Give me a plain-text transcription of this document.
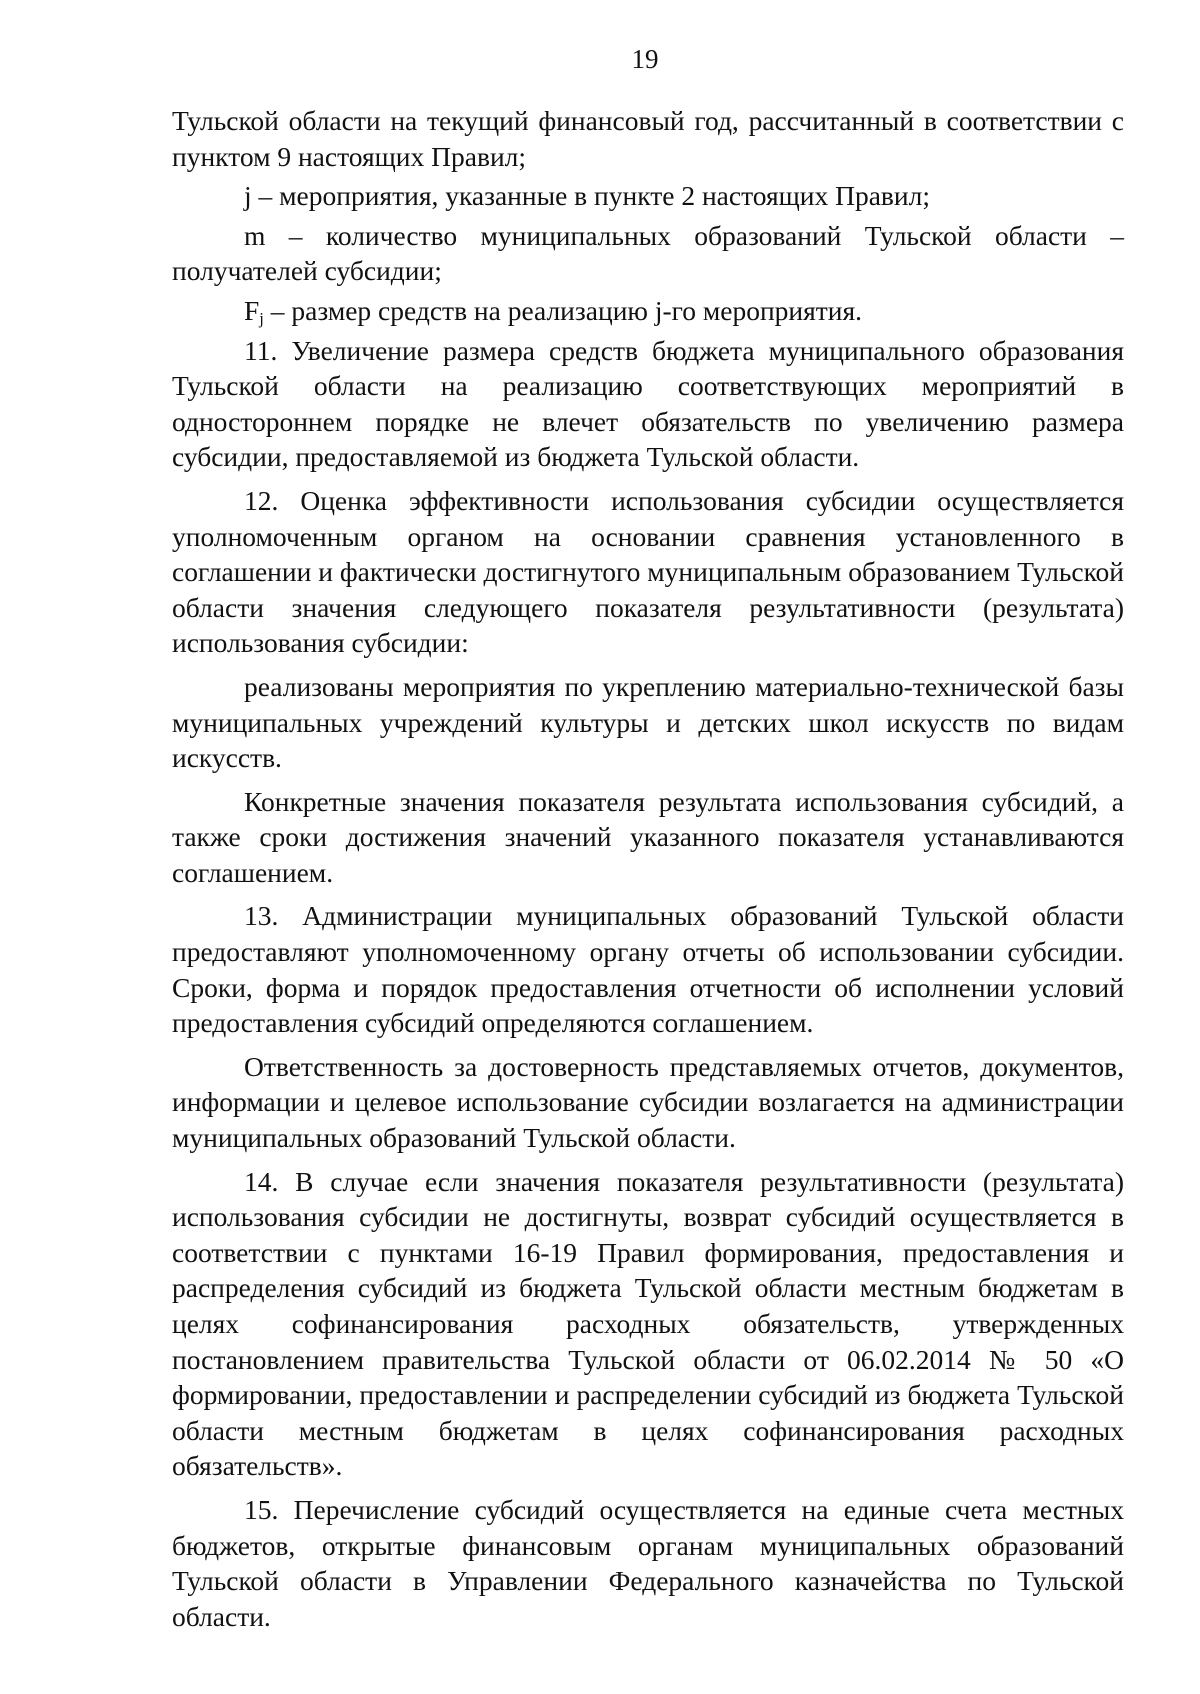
19

Тульской области на текущий финансовый год, рассчитанный в соответствии с пунктом 9 настоящих Правил;

j – мероприятия, указанные в пункте 2 настоящих Правил;

m – количество муниципальных образований Тульской области – получателей субсидии;

$F_j$ – размер средств на реализацию j-го мероприятия.

11. Увеличение размера средств бюджета муниципального образования Тульской области на реализацию соответствующих мероприятий в одностороннем порядке не влечет обязательств по увеличению размера субсидии, предоставляемой из бюджета Тульской области.

12. Оценка эффективности использования субсидии осуществляется уполномоченным органом на основании сравнения установленного в соглашении и фактически достигнутого муниципальным образованием Тульской области значения следующего показателя результативности (результата) использования субсидии:

реализованы мероприятия по укреплению материально-технической базы муниципальных учреждений культуры и детских школ искусств по видам искусств.

Конкретные значения показателя результата использования субсидий, а также сроки достижения значений указанного показателя устанавливаются соглашением.

13. Администрации муниципальных образований Тульской области предоставляют уполномоченному органу отчеты об использовании субсидии. Сроки, форма и порядок предоставления отчетности об исполнении условий предоставления субсидий определяются соглашением.

Ответственность за достоверность представляемых отчетов, документов, информации и целевое использование субсидии возлагается на администрации муниципальных образований Тульской области.

14. В случае если значения показателя результативности (результата) использования субсидии не достигнуты, возврат субсидий осуществляется в соответствии с пунктами 16-19 Правил формирования, предоставления и распределения субсидий из бюджета Тульской области местным бюджетам в целях софинансирования расходных обязательств, утвержденных постановлением правительства Тульской области от 06.02.2014 № 50 «О формировании, предоставлении и распределении субсидий из бюджета Тульской области местным бюджетам в целях софинансирования расходных обязательств».

15. Перечисление субсидий осуществляется на единые счета местных бюджетов, открытые финансовым органам муниципальных образований Тульской области в Управлении Федерального казначейства по Тульской области.
